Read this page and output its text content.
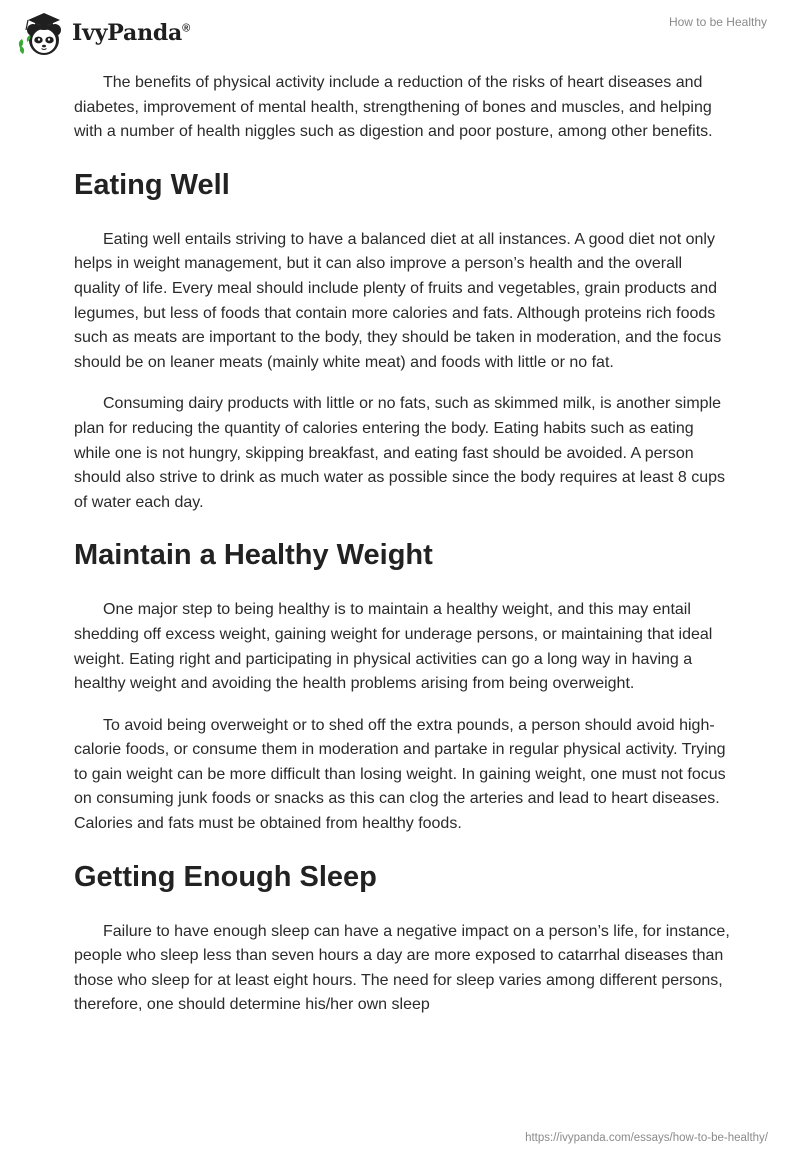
IvyPanda®	How to be Healthy

The benefits of physical activity include a reduction of the risks of heart diseases and diabetes, improvement of mental health, strengthening of bones and muscles, and helping with a number of health niggles such as digestion and poor posture, among other benefits.

Eating Well

Eating well entails striving to have a balanced diet at all instances. A good diet not only helps in weight management, but it can also improve a person’s health and the overall quality of life. Every meal should include plenty of fruits and vegetables, grain products and legumes, but less of foods that contain more calories and fats. Although proteins rich foods such as meats are important to the body, they should be taken in moderation, and the focus should be on leaner meats (mainly white meat) and foods with little or no fat.

Consuming dairy products with little or no fats, such as skimmed milk, is another simple plan for reducing the quantity of calories entering the body. Eating habits such as eating while one is not hungry, skipping breakfast, and eating fast should be avoided. A person should also strive to drink as much water as possible since the body requires at least 8 cups of water each day.

Maintain a Healthy Weight

One major step to being healthy is to maintain a healthy weight, and this may entail shedding off excess weight, gaining weight for underage persons, or maintaining that ideal weight. Eating right and participating in physical activities can go a long way in having a healthy weight and avoiding the health problems arising from being overweight.

To avoid being overweight or to shed off the extra pounds, a person should avoid high-calorie foods, or consume them in moderation and partake in regular physical activity. Trying to gain weight can be more difficult than losing weight. In gaining weight, one must not focus on consuming junk foods or snacks as this can clog the arteries and lead to heart diseases. Calories and fats must be obtained from healthy foods.

Getting Enough Sleep

Failure to have enough sleep can have a negative impact on a person’s life, for instance, people who sleep less than seven hours a day are more exposed to catarrhal diseases than those who sleep for at least eight hours. The need for sleep varies among different persons, therefore, one should determine his/her own sleep

https://ivypanda.com/essays/how-to-be-healthy/
